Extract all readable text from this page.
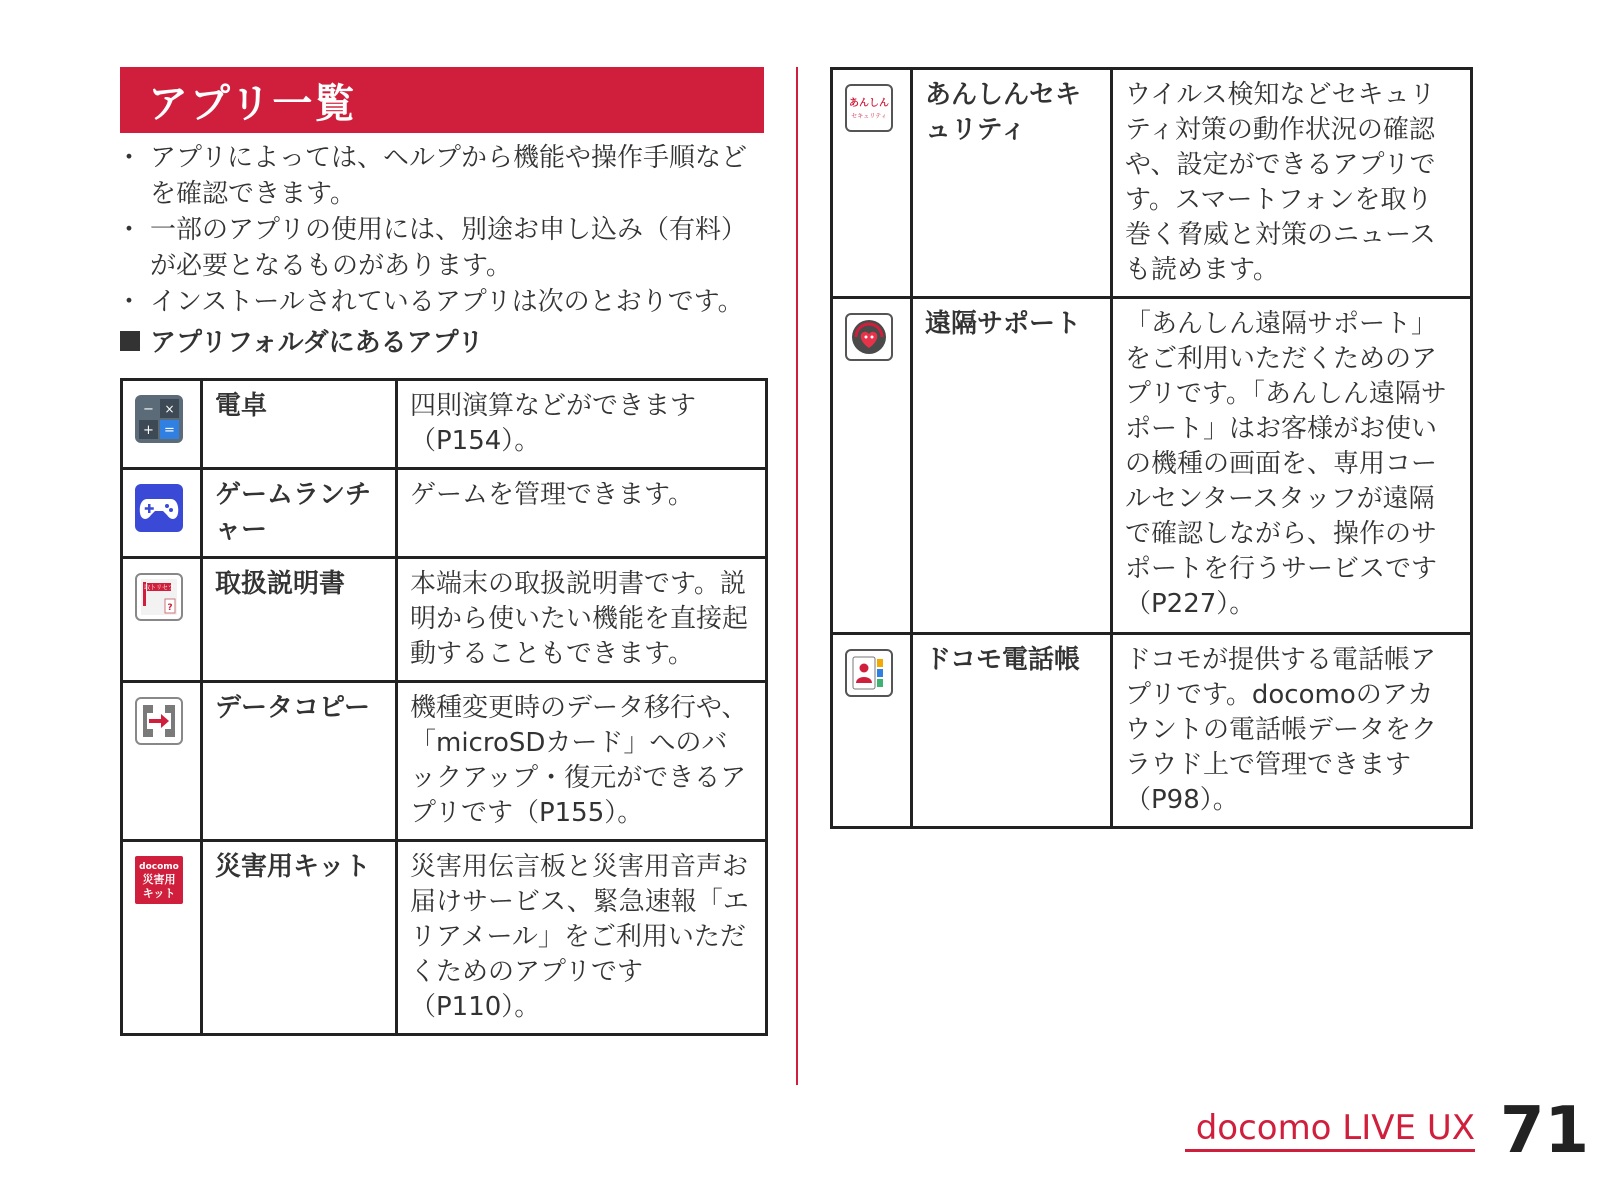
アプリ一覧
・ アプリによっては、ヘルプから機能や操作手順などを確認できます。
・ 一部のアプリの使用には、別途お申し込み（有料）が必要となるものがあります。
・ インストールされているアプリは次のとおりです。
アプリフォルダにあるアプリ
− ×
+ =	電卓	四則演算などができます（P154）。

	ゲームランチャー	ゲームを管理できます。

取トリセツ
?	取扱説明書	本端末の取扱説明書です。説明から使いたい機能を直接起動することもできます。

	データコピー	機種変更時のデータ移行や、「microSDカード」へのバックアップ・復元ができるアプリです（P155）。

docomo
災害用
キット	災害用キット	災害用伝言板と災害用音声お届けサービス、緊急速報「エリアメール」をご利用いただくためのアプリです（P110）。
あんしん
セキュリティ	あんしんセキュリティ	ウイルス検知などセキュリティ対策の動作状況の確認や、設定ができるアプリです。スマートフォンを取り巻く脅威と対策のニュースも読めます。

	遠隔サポート	「あんしん遠隔サポート」をご利用いただくためのアプリです。「あんしん遠隔サポート」はお客様がお使いの機種の画面を、専用コールセンタースタッフが遠隔で確認しながら、操作のサポートを行うサービスです（P227）。

	ドコモ電話帳	ドコモが提供する電話帳アプリです。docomoのアカウントの電話帳データをクラウド上で管理できます（P98）。
docomo LIVE UX 71
